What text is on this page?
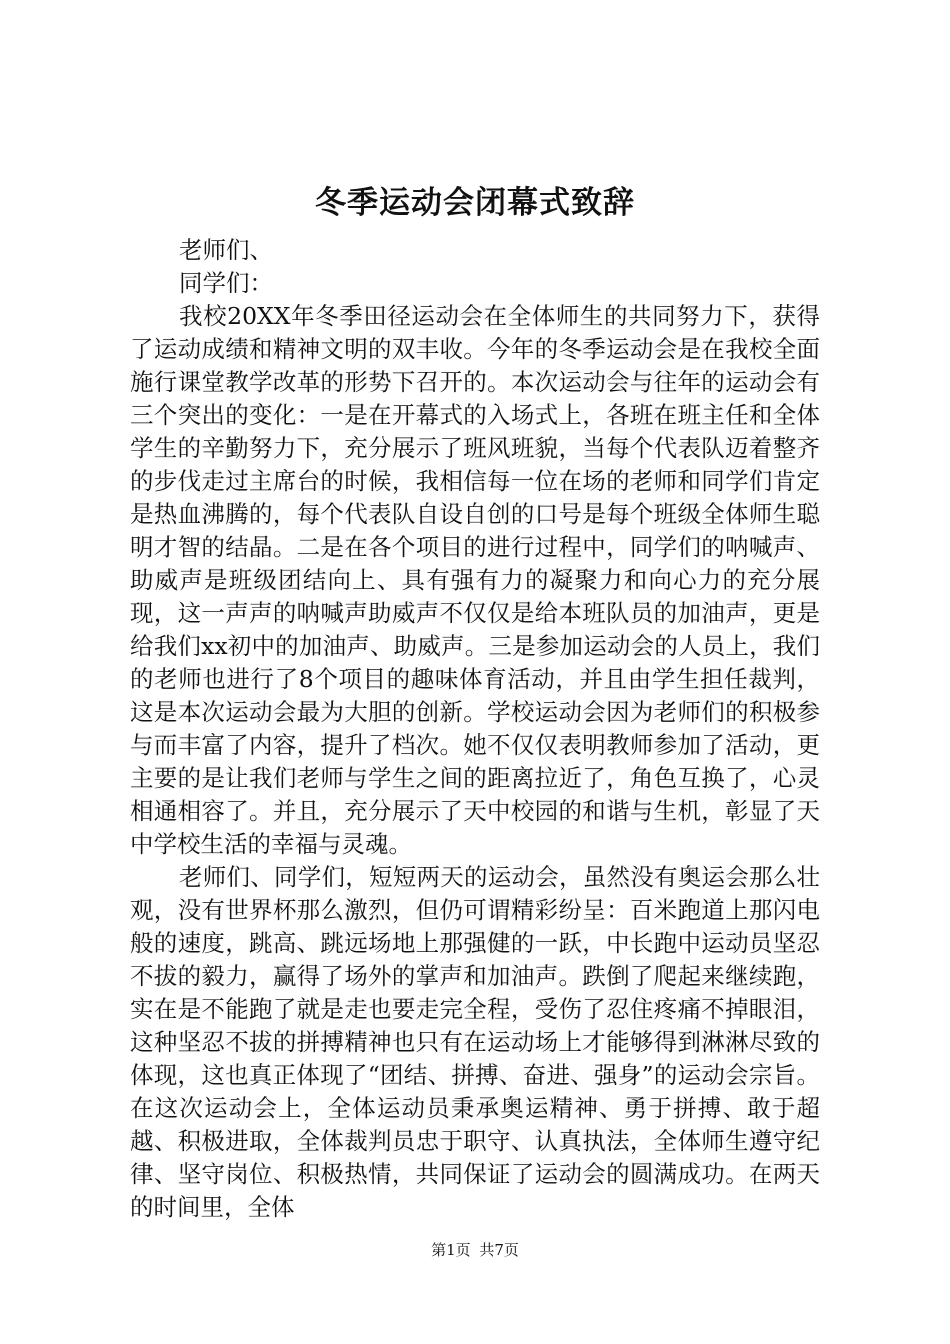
冬季运动会闭幕式致辞

老师们、

同学们：

我校20XX年冬季田径运动会在全体师生的共同努力下，获得了运动成绩和精神文明的双丰收。今年的冬季运动会是在我校全面施行课堂教学改革的形势下召开的。本次运动会与往年的运动会有三个突出的变化：一是在开幕式的入场式上，各班在班主任和全体学生的辛勤努力下，充分展示了班风班貌，当每个代表队迈着整齐的步伐走过主席台的时候，我相信每一位在场的老师和同学们肯定是热血沸腾的，每个代表队自设自创的口号是每个班级全体师生聪明才智的结晶。二是在各个项目的进行过程中，同学们的呐喊声、助威声是班级团结向上、具有强有力的凝聚力和向心力的充分展现，这一声声的呐喊声助威声不仅仅是给本班队员的加油声，更是给我们xx初中的加油声、助威声。三是参加运动会的人员上，我们的老师也进行了8个项目的趣味体育活动，并且由学生担任裁判，这是本次运动会最为大胆的创新。学校运动会因为老师们的积极参与而丰富了内容，提升了档次。她不仅仅表明教师参加了活动，更主要的是让我们老师与学生之间的距离拉近了，角色互换了，心灵相通相容了。并且，充分展示了天中校园的和谐与生机，彰显了天中学校生活的幸福与灵魂。

老师们、同学们，短短两天的运动会，虽然没有奥运会那么壮观，没有世界杯那么激烈，但仍可谓精彩纷呈：百米跑道上那闪电般的速度，跳高、跳远场地上那强健的一跃，中长跑中运动员坚忍不拔的毅力，赢得了场外的掌声和加油声。跌倒了爬起来继续跑，实在是不能跑了就是走也要走完全程，受伤了忍住疼痛不掉眼泪，这种坚忍不拔的拼搏精神也只有在运动场上才能够得到淋淋尽致的体现，这也真正体现了“团结、拼搏、奋进、强身”的运动会宗旨。在这次运动会上，全体运动员秉承奥运精神、勇于拼搏、敢于超越、积极进取，全体裁判员忠于职守、认真执法，全体师生遵守纪律、坚守岗位、积极热情，共同保证了运动会的圆满成功。在两天的时间里，全体

第1页 共7页
